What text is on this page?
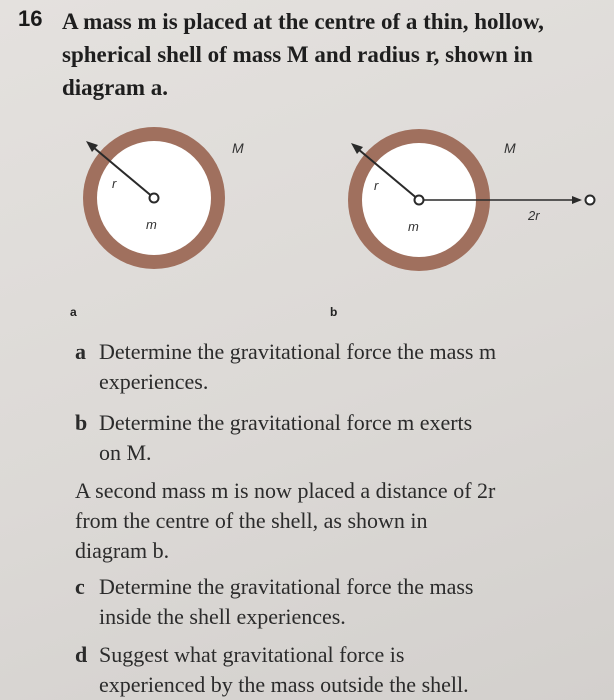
16 A mass m is placed at the centre of a thin, hollow,
spherical shell of mass M and radius r, shown in
diagram a.
M
r
m
M
r
m
2r
a	b
a Determine the gravitational force the mass m
experiences.
b Determine the gravitational force m exerts
on M.
A second mass m is now placed a distance of 2r
from the centre of the shell, as shown in
diagram b.
c Determine the gravitational force the mass
inside the shell experiences.
d Suggest what gravitational force is
experienced by the mass outside the shell.
